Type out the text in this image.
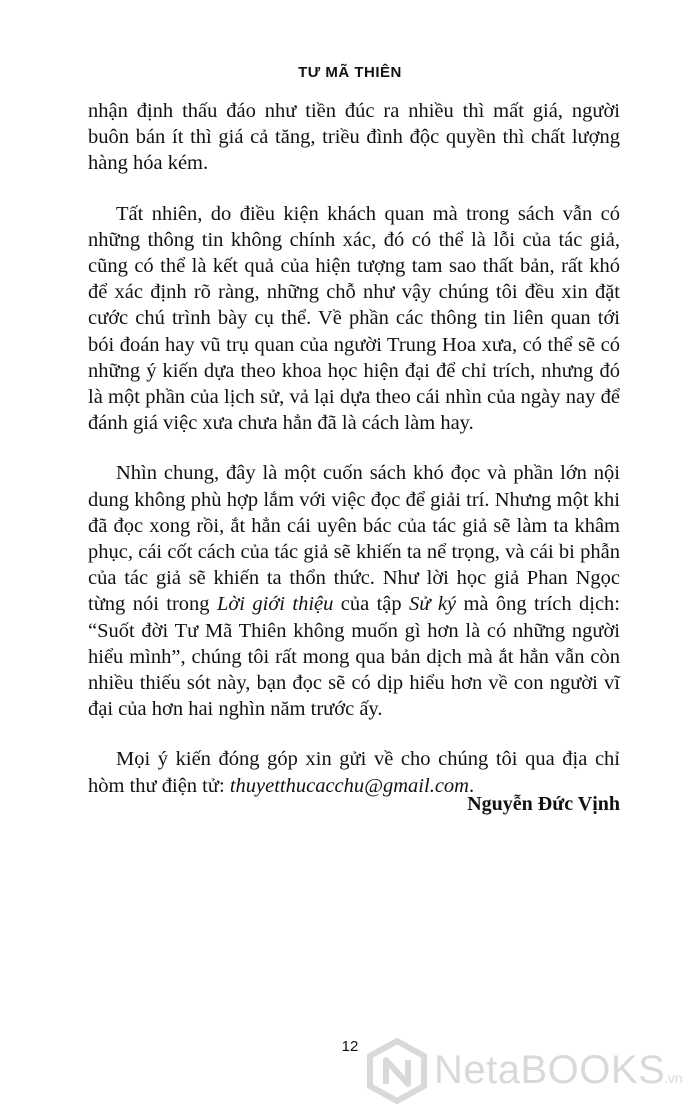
TƯ MÃ THIÊN

nhận định thấu đáo như tiền đúc ra nhiều thì mất giá, người buôn bán ít thì giá cả tăng, triều đình độc quyền thì chất lượng hàng hóa kém.

Tất nhiên, do điều kiện khách quan mà trong sách vẫn có những thông tin không chính xác, đó có thể là lỗi của tác giả, cũng có thể là kết quả của hiện tượng tam sao thất bản, rất khó để xác định rõ ràng, những chỗ như vậy chúng tôi đều xin đặt cước chú trình bày cụ thể. Về phần các thông tin liên quan tới bói đoán hay vũ trụ quan của người Trung Hoa xưa, có thể sẽ có những ý kiến dựa theo khoa học hiện đại để chỉ trích, nhưng đó là một phần của lịch sử, vả lại dựa theo cái nhìn của ngày nay để đánh giá việc xưa chưa hẳn đã là cách làm hay.

Nhìn chung, đây là một cuốn sách khó đọc và phần lớn nội dung không phù hợp lắm với việc đọc để giải trí. Nhưng một khi đã đọc xong rồi, ắt hẳn cái uyên bác của tác giả sẽ làm ta khâm phục, cái cốt cách của tác giả sẽ khiến ta nể trọng, và cái bi phẫn của tác giả sẽ khiến ta thổn thức. Như lời học giả Phan Ngọc từng nói trong Lời giới thiệu của tập Sử ký mà ông trích dịch: “Suốt đời Tư Mã Thiên không muốn gì hơn là có những người hiểu mình”, chúng tôi rất mong qua bản dịch mà ắt hẳn vẫn còn nhiều thiếu sót này, bạn đọc sẽ có dịp hiểu hơn về con người vĩ đại của hơn hai nghìn năm trước ấy.

Mọi ý kiến đóng góp xin gửi về cho chúng tôi qua địa chỉ hòm thư điện tử: thuyetthucacchu@gmail.com.

Nguyễn Đức Vịnh
12
NetaBOOKS
.vn
